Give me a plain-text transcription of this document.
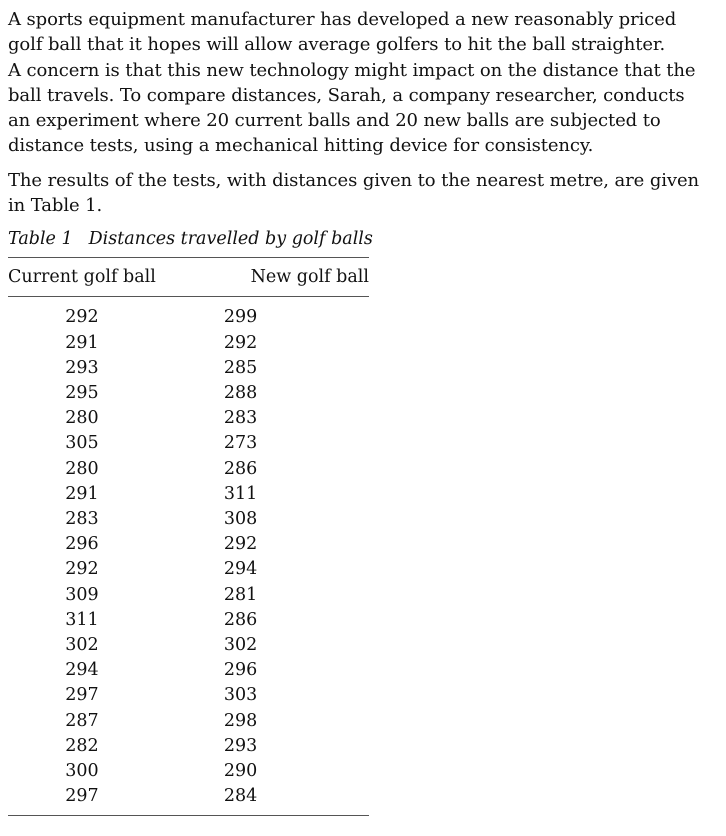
A sports equipment manufacturer has developed a new reasonably priced
golf ball that it hopes will allow average golfers to hit the ball straighter.
A concern is that this new technology might impact on the distance that the
ball travels. To compare distances, Sarah, a company researcher, conducts
an experiment where 20 current balls and 20 new balls are subjected to
distance tests, using a mechanical hitting device for consistency.
The results of the tests, with distances given to the nearest metre, are given
in Table 1.
Table 1 Distances travelled by golf balls
Current golf ball	New golf ball

292	299
291	292
293	285
295	288
280	283
305	273
280	286
291	311
283	308
296	292
292	294
309	281
311	286
302	302
294	296
297	303
287	298
282	293
300	290
297	284
